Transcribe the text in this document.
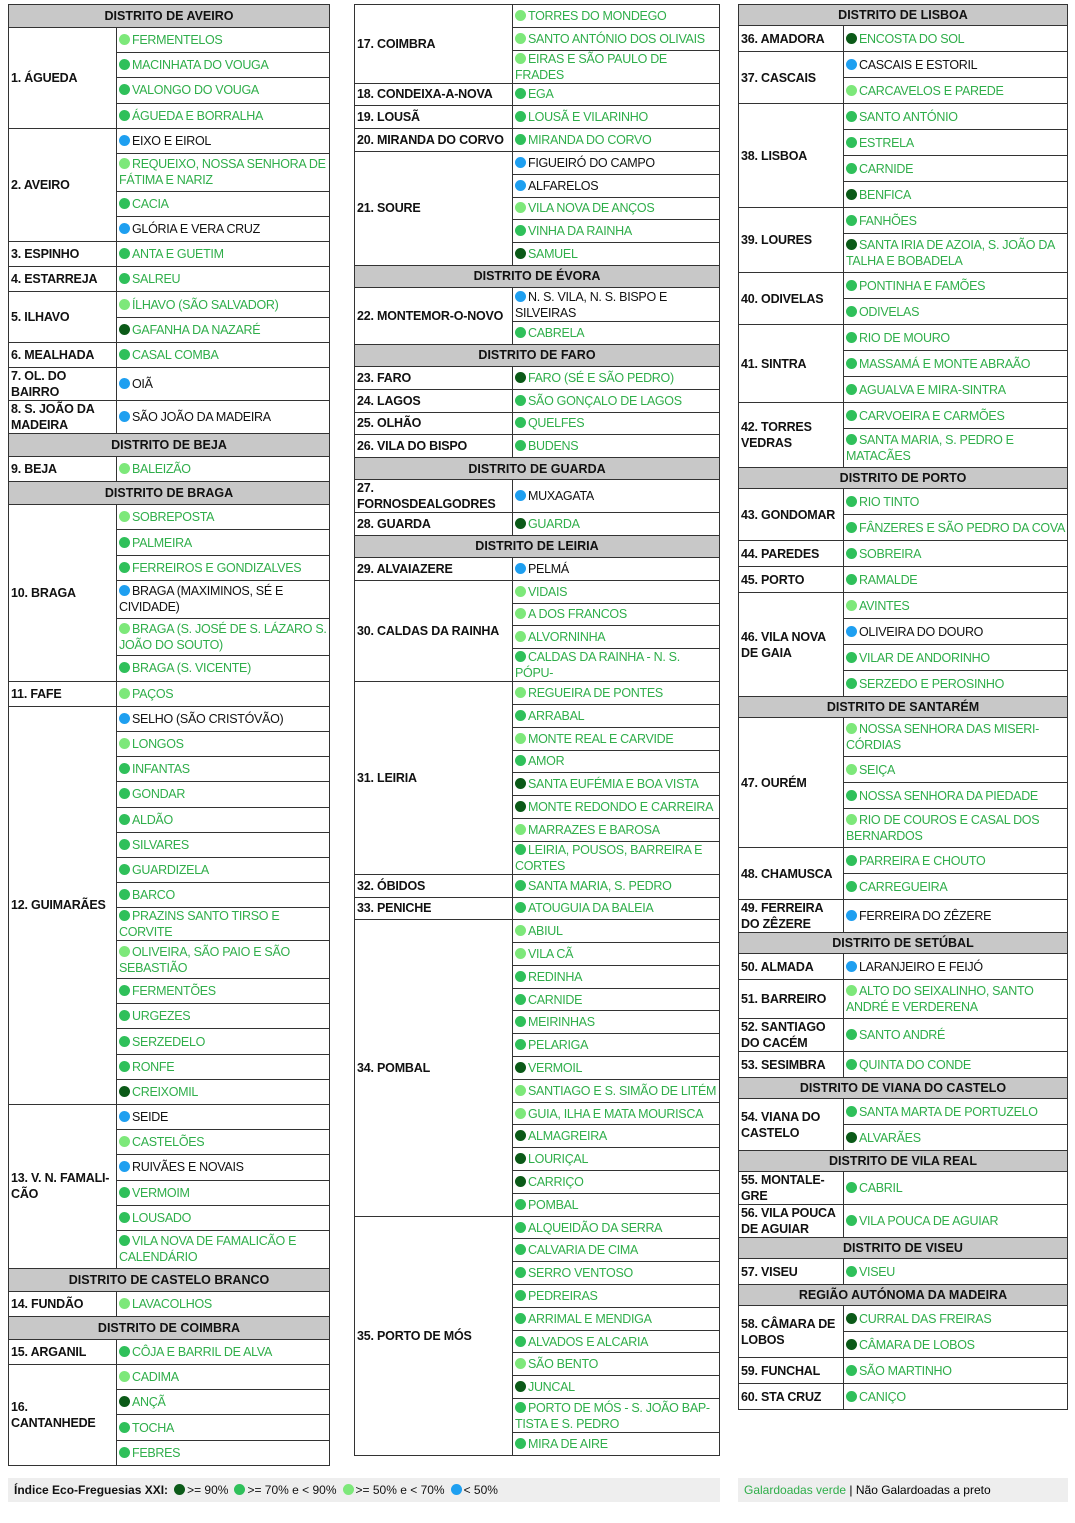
DISTRITO DE AVEIRO	
1. ÁGUEDA	FERMENTELOS
	MACINHATA DO VOUGA
	VALONGO DO VOUGA
	ÁGUEDA E BORRALHA
2. AVEIRO	EIXO E EIROL
	REQUEIXO, NOSSA SENHORA DE FÁTIMA E NARIZ
	CACIA
	GLÓRIA E VERA CRUZ
3. ESPINHO	ANTA E GUETIM
4. ESTARREJA	SALREU
5. ILHAVO	ÍLHAVO (SÃO SALVADOR)
	GAFANHA DA NAZARÉ
6. MEALHADA	CASAL COMBA
7. OL. DO BAIRRO	OIÃ
8. S. JOÃO DA MADEIRA	SÃO JOÃO DA MADEIRA
DISTRITO DE BEJA	
9. BEJA	BALEIZÃO
DISTRITO DE BRAGA	
10. BRAGA	SOBREPOSTA
	PALMEIRA
	FERREIROS E GONDIZALVES
	BRAGA (MAXIMINOS, SÉ E CIVIDADE)
	BRAGA (S. JOSÉ DE S. LÁZARO S. JOÃO DO SOUTO)
	BRAGA (S. VICENTE)
11. FAFE	PAÇOS
12. GUIMARÃES	SELHO (SÃO CRISTÓVÃO)
	LONGOS
	INFANTAS
	GONDAR
	ALDÃO
	SILVARES
	GUARDIZELA
	BARCO
	PRAZINS SANTO TIRSO E CORVITE
	OLIVEIRA, SÃO PAIO E SÃO SEBASTIÃO
	FERMENTÕES
	URGEZES
	SERZEDELO
	RONFE
	CREIXOMIL
13. V. N. FAMALI-CÃO	SEIDE
	CASTELÕES
	RUIVÃES E NOVAIS
	VERMOIM
	LOUSADO
	VILA NOVA DE FAMALICÃO E CALENDÁRIO
DISTRITO DE CASTELO BRANCO	
14. FUNDÃO	LAVACOLHOS
DISTRITO DE COIMBRA	
15. ARGANIL	CÔJA E BARRIL DE ALVA
16. CANTANHEDE	CADIMA
	ANÇÃ
	TOCHA
	FEBRES
17. COIMBRA	TORRES DO MONDEGO
	SANTO ANTÓNIO DOS OLIVAIS
	EIRAS E SÃO PAULO DE FRADES
18. CONDEIXA-A-NOVA	EGA
19. LOUSÃ	LOUSÃ E VILARINHO
20. MIRANDA DO CORVO	MIRANDA DO CORVO
21. SOURE	FIGUEIRÓ DO CAMPO
	ALFARELOS
	VILA NOVA DE ANÇOS
	VINHA DA RAINHA
	SAMUEL
DISTRITO DE ÉVORA	
22. MONTEMOR-O-NOVO	N. S. VILA, N. S. BISPO E SILVEIRAS
	CABRELA
DISTRITO DE FARO	
23. FARO	FARO (SÉ E SÃO PEDRO)
24. LAGOS	SÃO GONÇALO DE LAGOS
25. OLHÃO	QUELFES
26. VILA DO BISPO	BUDENS
DISTRITO DE GUARDA	
27. FORNOSDEALGODRES	MUXAGATA
28. GUARDA	GUARDA
DISTRITO DE LEIRIA	
29. ALVAIAZERE	PELMÁ
30. CALDAS DA RAINHA	VIDAIS
	A DOS FRANCOS
	ALVORNINHA
	CALDAS DA RAINHA - N. S. PÓPU-
31. LEIRIA	REGUEIRA DE PONTES
	ARRABAL
	MONTE REAL E CARVIDE
	AMOR
	SANTA EUFÉMIA E BOA VISTA
	MONTE REDONDO E CARREIRA
	MARRAZES E BAROSA
	LEIRIA, POUSOS, BARREIRA E CORTES
32. ÓBIDOS	SANTA MARIA, S. PEDRO
33. PENICHE	ATOUGUIA DA BALEIA
34. POMBAL	ABIUL
	VILA CÃ
	REDINHA
	CARNIDE
	MEIRINHAS
	PELARIGA
	VERMOIL
	SANTIAGO E S. SIMÃO DE LITÉM
	GUIA, ILHA E MATA MOURISCA
	ALMAGREIRA
	LOURIÇAL
	CARRIÇO
	POMBAL
35. PORTO DE MÓS	ALQUEIDÃO DA SERRA
	CALVARIA DE CIMA
	SERRO VENTOSO
	PEDREIRAS
	ARRIMAL E MENDIGA
	ALVADOS E ALCARIA
	SÃO BENTO
	JUNCAL
	PORTO DE MÓS - S. JOÃO BAP-TISTA E S. PEDRO
	MIRA DE AIRE
DISTRITO DE LISBOA	
36. AMADORA	ENCOSTA DO SOL
37. CASCAIS	CASCAIS E ESTORIL
	CARCAVELOS E PAREDE
38. LISBOA	SANTO ANTÓNIO
	ESTRELA
	CARNIDE
	BENFICA
39. LOURES	FANHÕES
	SANTA IRIA DE AZOIA, S. JOÃO DA TALHA E BOBADELA
40. ODIVELAS	PONTINHA E FAMÕES
	ODIVELAS
41. SINTRA	RIO DE MOURO
	MASSAMÁ E MONTE ABRAÃO
	AGUALVA E MIRA-SINTRA
42. TORRES VEDRAS	CARVOEIRA E CARMÕES
	SANTA MARIA, S. PEDRO E MATACÃES
DISTRITO DE PORTO	
43. GONDOMAR	RIO TINTO
	FÂNZERES E SÃO PEDRO DA COVA
44. PAREDES	SOBREIRA
45. PORTO	RAMALDE
46. VILA NOVA DE GAIA	AVINTES
	OLIVEIRA DO DOURO
	VILAR DE ANDORINHO
	SERZEDO E PEROSINHO
DISTRITO DE SANTARÉM	
47. OURÉM	NOSSA SENHORA DAS MISERI-CÓRDIAS
	SEIÇA
	NOSSA SENHORA DA PIEDADE
	RIO DE COUROS E CASAL DOS BERNARDOS
48. CHAMUSCA	PARREIRA E CHOUTO
	CARREGUEIRA
49. FERREIRA DO ZÊZERE	FERREIRA DO ZÊZERE
DISTRITO DE SETÚBAL	
50. ALMADA	LARANJEIRO E FEIJÓ
51. BARREIRO	ALTO DO SEIXALINHO, SANTO ANDRÉ E VERDERENA
52. SANTIAGO DO CACÉM	SANTO ANDRÉ
53. SESIMBRA	QUINTA DO CONDE
DISTRITO DE VIANA DO CASTELO	
54. VIANA DO CASTELO	SANTA MARTA DE PORTUZELO
	ALVARÃES
DISTRITO DE VILA REAL	
55. MONTALE-GRE	CABRIL
56. VILA POUCA DE AGUIAR	VILA POUCA DE AGUIAR
DISTRITO DE VISEU	
57. VISEU	VISEU
REGIÃO AUTÓNOMA DA MADEIRA	
58. CÂMARA DE LOBOS	CURRAL DAS FREIRAS
	CÂMARA DE LOBOS
59. FUNCHAL	SÃO MARTINHO
60. STA CRUZ	CANIÇO
Índice Eco-Freguesias XXI: >= 90% >= 70% e < 90% >= 50% e < 70% < 50%	Galardoadas verde | Não Galardoadas a preto
